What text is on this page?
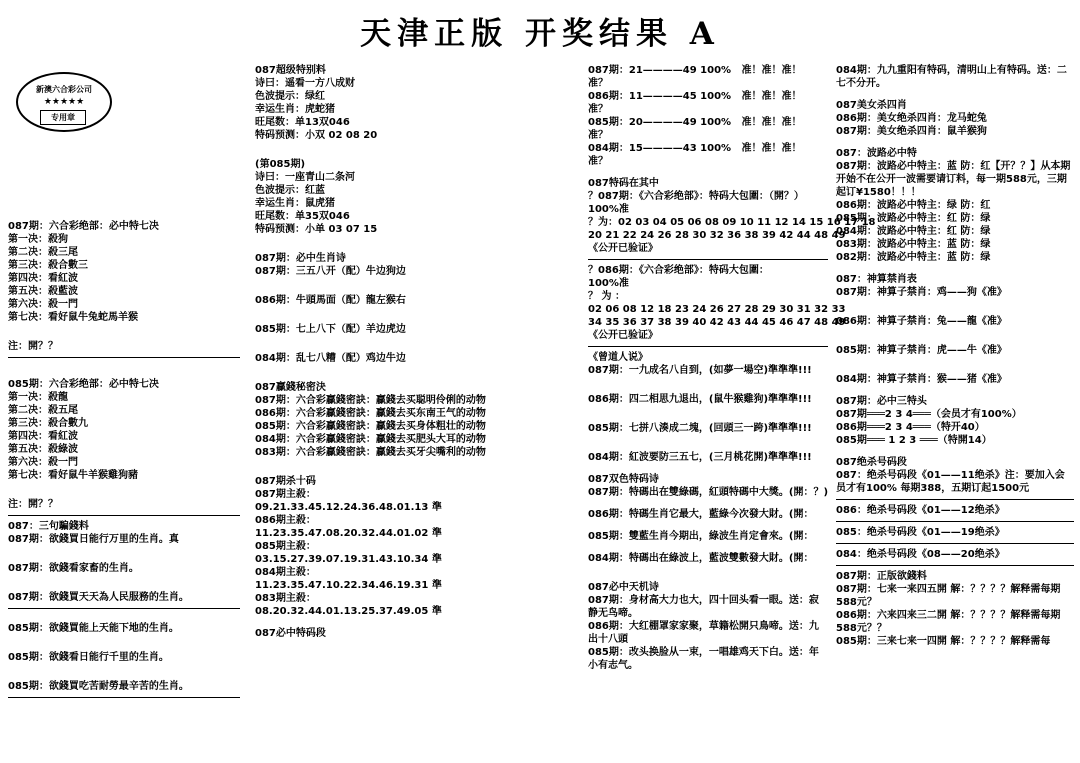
天津正版 开奖结果 A
新澳六合彩公司
★★★★★
专用章
087期：六合彩绝部：必中特七决
第一决：殺狗
第二决：殺三尾
第三决：殺合數三
第四决：看紅波
第五决：殺藍波
第六决：殺一門
第七决：看好鼠牛兔蛇馬羊猴
注：開？？
085期：六合彩绝部：必中特七决
第一决：殺龍
第二决：殺五尾
第三决：殺合數九
第四决：看紅波
第五决：殺綠波
第六决：殺一門
第七决：看好鼠牛羊猴雞狗豬
注：開？？
087：三句騙錢料
087期：欲錢買日能行万里的生肖。真
087期：欲錢看家畜的生肖。
087期：欲錢買天天為人民服務的生肖。
085期：欲錢買能上天能下地的生肖。
085期：欲錢看日能行千里的生肖。
085期：欲錢買吃苦耐勞最辛苦的生肖。
087超级特别料
诗曰：遥看一方八成财
色波提示：绿红
幸运生肖：虎蛇猪
旺尾数：单13双046
特码预测：小双 02 08 20
(第085期)
诗曰：一座青山二条河
色波提示：红蓝
幸运生肖：鼠虎猪
旺尾数：单35双046
特码预测：小单 03 07 15
087期：必中生肖诗
087期：三五八开（配）牛边狗边
086期：牛頭馬面（配）龍左猴右
085期：七上八下（配）羊边虎边
084期：乱七八糟（配）鸡边牛边
087贏錢秘密決
087期：六合彩贏錢密訣：贏錢去买聪明伶俐的动物
086期：六合彩贏錢密訣：贏錢去买东南王气的动物
085期：六合彩贏錢密訣：贏錢去买身体粗壮的动物
084期：六合彩贏錢密訣：贏錢去买肥头大耳的动物
083期：六合彩贏錢密訣：贏錢去买牙尖嘴利的动物
087期杀十码
087期主殺：09.21.33.45.12.24.36.48.01.13 準
086期主殺：11.23.35.47.08.20.32.44.01.02 準
085期主殺：03.15.27.39.07.19.31.43.10.34 準
084期主殺：11.23.35.47.10.22.34.46.19.31 準
083期主殺：08.20.32.44.01.13.25.37.49.05 準
087必中特码段
087期：21————49 100% 准！准！准！
准？
086期：11————45 100% 准！准！准！
准？
085期：20————49 100% 准！准！准！
准？
084期：15————43 100% 准！准！准！
准？
087特码在其中
？087期：《六合彩绝部》：特码大包圍：（開？）
100%准
？为：02 03 04 05 06 08 09 10 11 12 14 15 16 17 18
20 21 22 24 26 28 30 32 36 38 39 42 44 48 49
《公开已验证》
？086期：《六合彩绝部》：特码大包圍：
100%准
？ 为 ：
02 06 08 12 18 23 24 26 27 28 29 30 31 32 33
34 35 36 37 38 39 40 42 43 44 45 46 47 48 49
《公开已验证》
《曾道人说》
087期：一九成名八自到，(如夢一場空)準準準!!!
086期：四二相思九退出，(鼠牛猴雞狗)準準準!!!
085期：七拼八湊成二塊，(回頭三一跨)準準準!!!
084期：紅波要防三五七，(三月桃花開)準準準!!!
087双色特码诗
087期：特碼出在雙綠碼，紅頭特碼中大獎。(開：？)
086期：特碼生肖它最大，藍綠今次發大財。(開：
085期：雙藍生肖今期出，綠波生肖定會來。(開：
084期：特碼出在綠波上，藍波雙數發大財。(開：
087必中天机诗
087期：身材高大力也大，四十回头看一眼。送：寂静无鸟啼。
086期：大红棚罩家家聚，草籍松開只鳥啼。送：九出十八頭
085期：改头换脸从一束，一唱雄鸡天下白。送：年小有志气。
084期：九九重阳有特码，清明山上有特码。送：二七不分开。
087美女杀四肖
086期：美女绝杀四肖：龙马蛇兔
087期：美女绝杀四肖：鼠羊猴狗
087：波路必中特
087期：波路必中特主：蓝 防：红【开？？】从本期开始不在公开一波需要请订料，每一期588元，三期起订¥1580！！！
086期：波路必中特主：绿 防：红
085期：波路必中特主：红 防：绿
084期：波路必中特主：红 防：绿
083期：波路必中特主：蓝 防：绿
082期：波路必中特主：蓝 防：绿
087：神算禁肖表
087期：神算子禁肖：鸡——狗《准》
086期：神算子禁肖：兔——龍《准》
085期：神算子禁肖：虎——牛《准》
084期：神算子禁肖：猴——猪《准》
087期：必中三特头
087期═══2 3 4═══（会员才有100%）
086期═══2 3 4═══（特开40）
085期═══ 1 2 3 ═══（特開14）
087绝杀号码段
087：绝杀号码段《01——11绝杀》注：要加入会员才有100% 每期388，五期订起1500元
086：绝杀号码段《01——12绝杀》
085：绝杀号码段《01——19绝杀》
084：绝杀号码段《08——20绝杀》
087期：正版欲錢料
087期：七来一来四五開 解：？？？？解释需每期588元？
086期：六来四来三二開 解：？？？？解释需每期588元？？
085期：三来七来一四開 解：？？？？解释需每
